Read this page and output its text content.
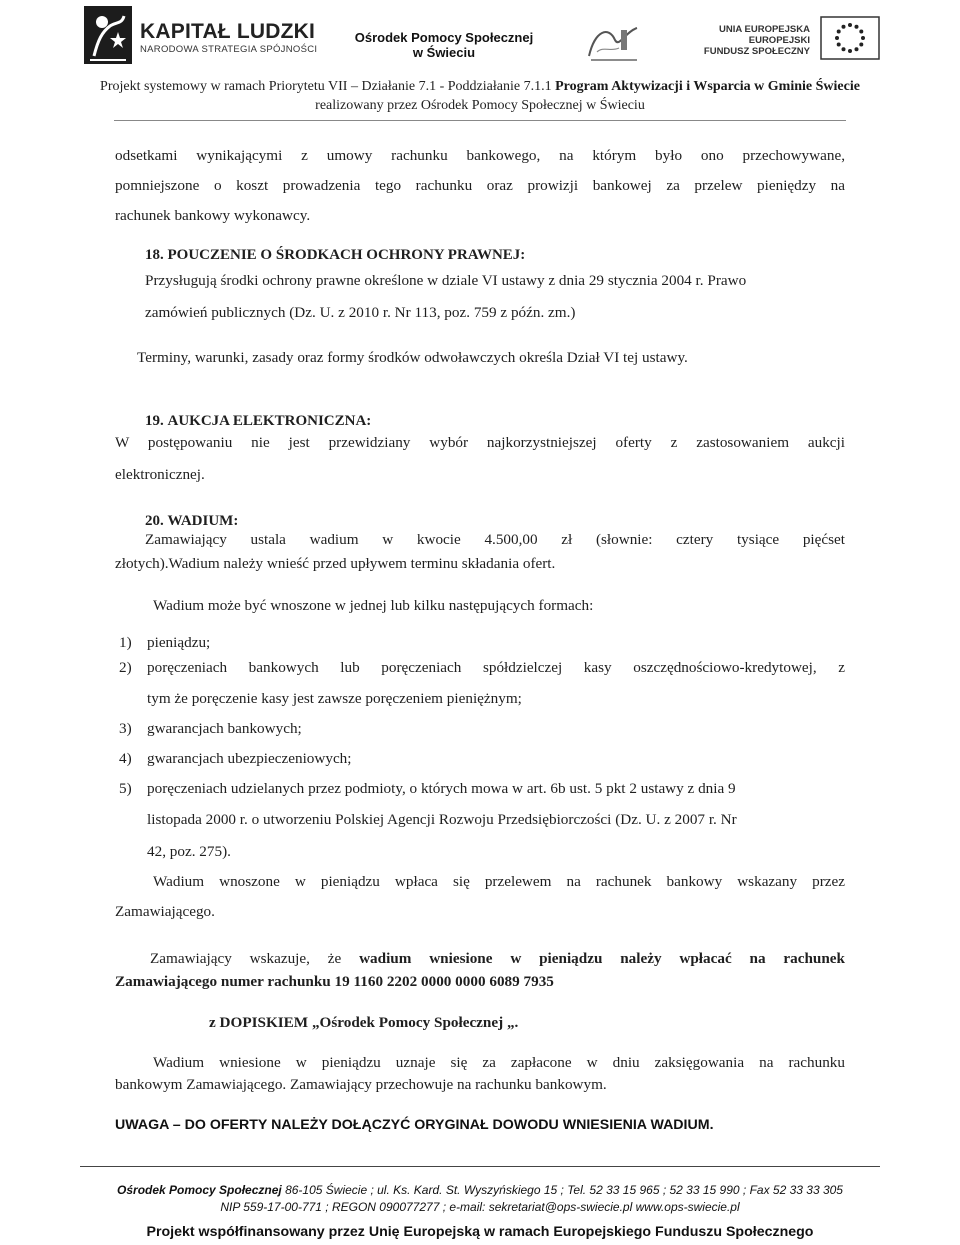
KAPITAŁ LUDZKI
NARODOWA STRATEGIA SPÓJNOŚCI
Ośrodek Pomocy Społecznej
w Świeciu
UNIA EUROPEJSKA
EUROPEJSKI
FUNDUSZ SPOŁECZNY
Projekt systemowy w ramach Priorytetu VII – Działanie 7.1 - Poddziałanie 7.1.1 Program Aktywizacji i Wsparcia w Gminie Świecie
realizowany przez Ośrodek Pomocy Społecznej w Świeciu
odsetkami wynikającymi z umowy rachunku bankowego, na którym było ono przechowywane,
pomniejszone o koszt prowadzenia tego rachunku oraz prowizji bankowej za przelew pieniędzy na
rachunek bankowy wykonawcy.
18. POUCZENIE O ŚRODKACH OCHRONY PRAWNEJ:
Przysługują środki ochrony prawne określone w dziale VI ustawy z dnia 29 stycznia 2004 r. Prawo
zamówień publicznych (Dz. U. z 2010 r. Nr 113, poz. 759 z późn. zm.)
Terminy, warunki, zasady oraz formy środków odwoławczych określa Dział VI tej ustawy.
19. AUKCJA ELEKTRONICZNA:
W postępowaniu nie jest przewidziany wybór najkorzystniejszej oferty z zastosowaniem aukcji
elektronicznej.
20. WADIUM:
Zamawiający ustala wadium w kwocie 4.500,00 zł (słownie: cztery tysiące pięćset
złotych).Wadium należy wnieść przed upływem terminu składania ofert.
Wadium może być wnoszone w jednej lub kilku następujących formach:
1) pieniądzu;
2) poręczeniach bankowych lub poręczeniach spółdzielczej kasy oszczędnościowo-kredytowej, z
tym że poręczenie kasy jest zawsze poręczeniem pieniężnym;
3) gwarancjach bankowych;
4) gwarancjach ubezpieczeniowych;
5) poręczeniach udzielanych przez podmioty, o których mowa w art. 6b ust. 5 pkt 2 ustawy z dnia 9
listopada 2000 r. o utworzeniu Polskiej Agencji Rozwoju Przedsiębiorczości (Dz. U. z 2007 r. Nr
42, poz. 275).
Wadium wnoszone w pieniądzu wpłaca się przelewem na rachunek bankowy wskazany przez
Zamawiającego.
Zamawiający wskazuje, że wadium wniesione w pieniądzu należy wpłacać na rachunek
Zamawiającego numer rachunku 19 1160 2202 0000 0000 6089 7935
z DOPISKIEM „Ośrodek Pomocy Społecznej „.
Wadium wniesione w pieniądzu uznaje się za zapłacone w dniu zaksięgowania na rachunku
bankowym Zamawiającego. Zamawiający przechowuje na rachunku bankowym.
UWAGA – DO OFERTY NALEŻY DOŁĄCZYĆ ORYGINAŁ DOWODU WNIESIENIA WADIUM.
Ośrodek Pomocy Społecznej 86-105 Świecie ; ul. Ks. Kard. St. Wyszyńskiego 15 ; Tel. 52 33 15 965 ; 52 33 15 990 ; Fax 52 33 33 305
NIP 559-17-00-771 ; REGON 090077277 ; e-mail: sekretariat@ops-swiecie.pl www.ops-swiecie.pl
Projekt współfinansowany przez Unię Europejską w ramach Europejskiego Funduszu Społecznego
